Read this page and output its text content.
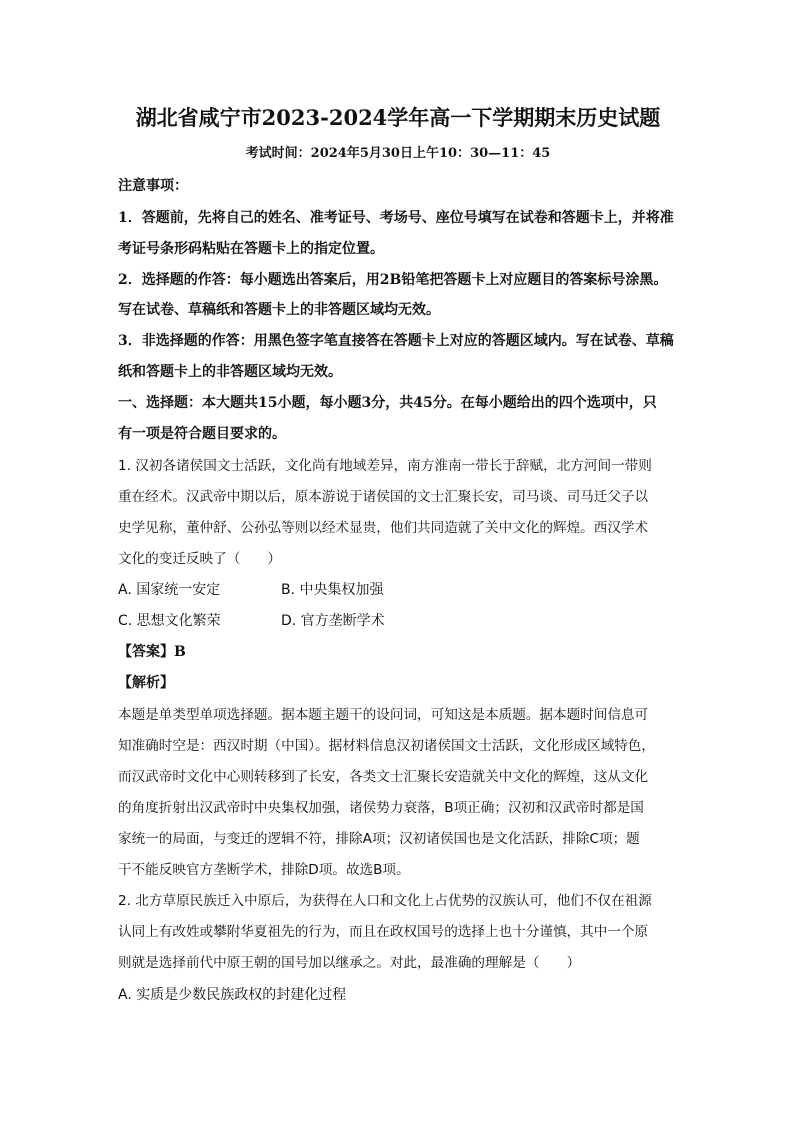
湖北省咸宁市2023-2024学年高一下学期期末历史试题
考试时间：2024年5月30日上午10：30—11：45
注意事项：
1．答题前，先将自己的姓名、准考证号、考场号、座位号填写在试卷和答题卡上，并将准
考证号条形码粘贴在答题卡上的指定位置。
2．选择题的作答：每小题选出答案后，用2B铅笔把答题卡上对应题目的答案标号涂黑。
写在试卷、草稿纸和答题卡上的非答题区域均无效。
3．非选择题的作答：用黑色签字笔直接答在答题卡上对应的答题区域内。写在试卷、草稿
纸和答题卡上的非答题区域均无效。
一、选择题：本大题共15小题，每小题3分，共45分。在每小题给出的四个选项中，只
有一项是符合题目要求的。
1. 汉初各诸侯国文士活跃，文化尚有地域差异，南方淮南一带长于辞赋，北方河间一带则
重在经术。汉武帝中期以后，原本游说于诸侯国的文士汇聚长安，司马谈、司马迁父子以
史学见称，董仲舒、公孙弘等则以经术显贵，他们共同造就了关中文化的辉煌。西汉学术
文化的变迁反映了（　　）
A. 国家统一安定	B. 中央集权加强
C. 思想文化繁荣	D. 官方垄断学术
【答案】B
【解析】
本题是单类型单项选择题。据本题主题干的设问词，可知这是本质题。据本题时间信息可
知准确时空是：西汉时期（中国）。据材料信息汉初诸侯国文士活跃，文化形成区域特色，
而汉武帝时文化中心则转移到了长安，各类文士汇聚长安造就关中文化的辉煌，这从文化
的角度折射出汉武帝时中央集权加强，诸侯势力衰落，B项正确；汉初和汉武帝时都是国
家统一的局面，与变迁的逻辑不符，排除A项；汉初诸侯国也是文化活跃，排除C项；题
干不能反映官方垄断学术，排除D项。故选B项。
2. 北方草原民族迁入中原后，为获得在人口和文化上占优势的汉族认可，他们不仅在祖源
认同上有改姓或攀附华夏祖先的行为，而且在政权国号的选择上也十分谨慎，其中一个原
则就是选择前代中原王朝的国号加以继承之。对此，最准确的理解是（　　）
A. 实质是少数民族政权的封建化过程
